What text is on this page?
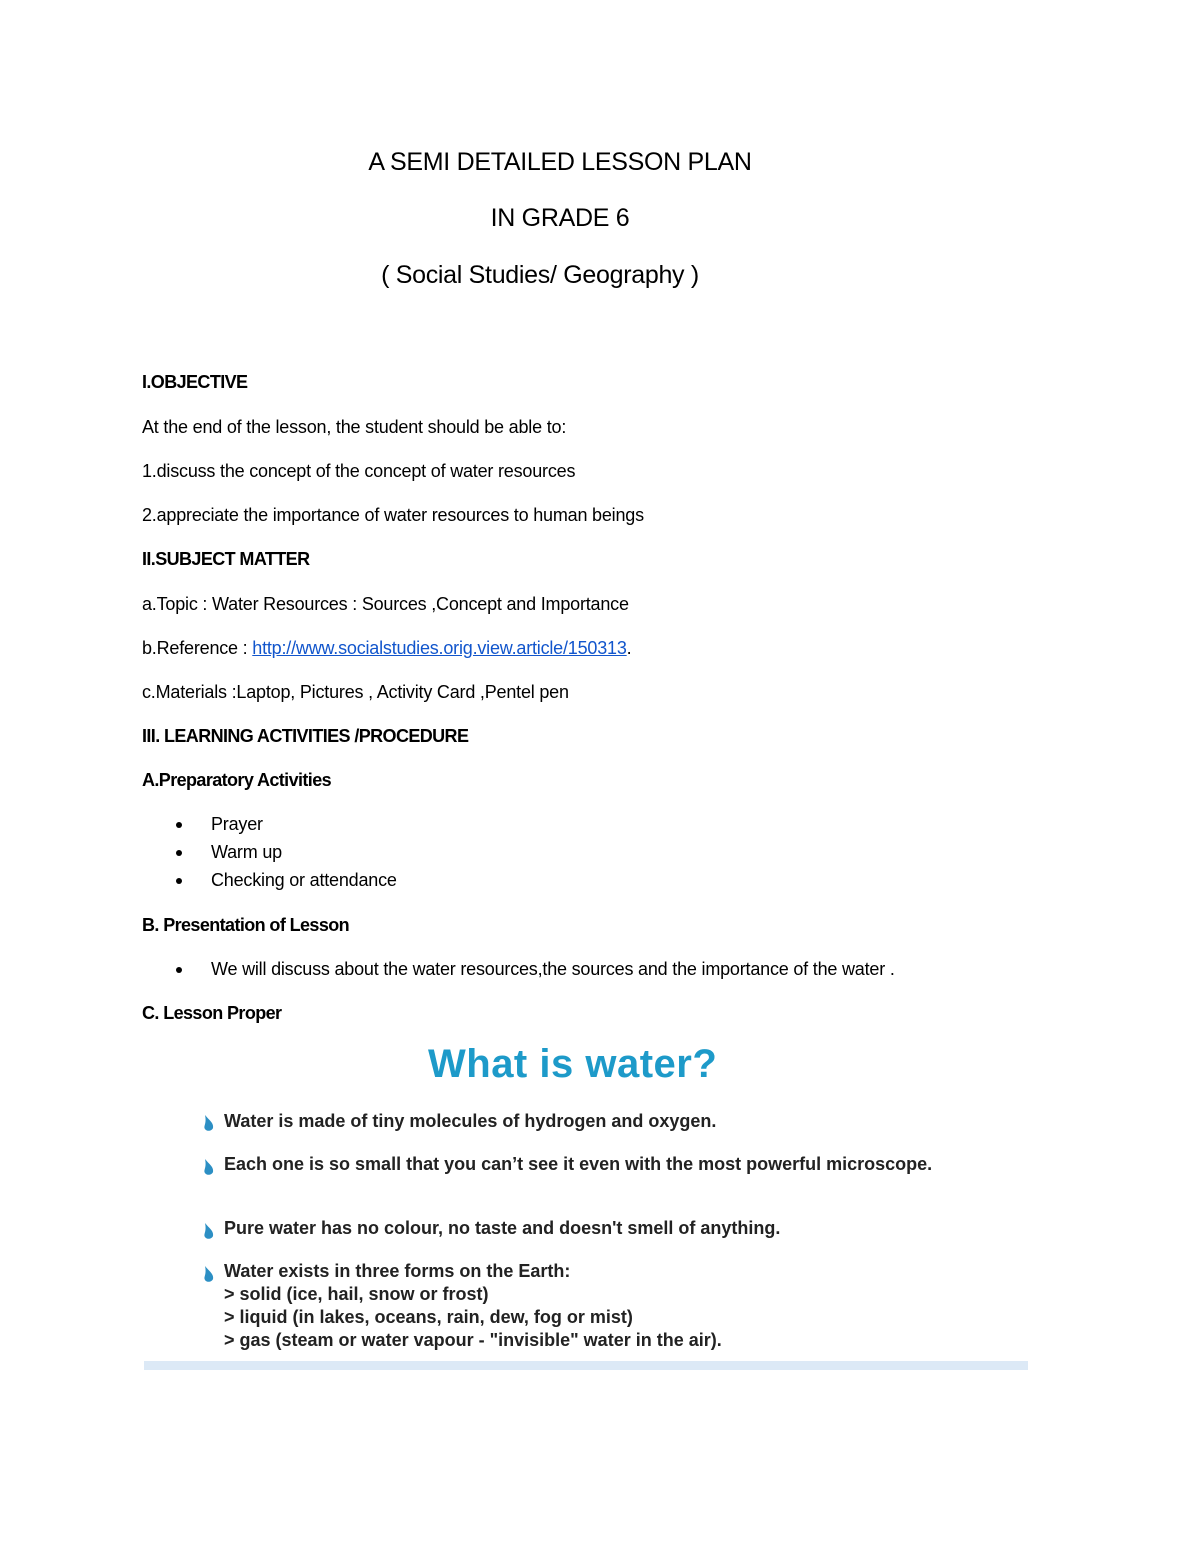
A SEMI DETAILED LESSON PLAN
IN GRADE 6
( Social Studies/ Geography )
I.OBJECTIVE
At the end of the lesson, the student should be able to:
1.discuss the concept of the concept of water resources
2.appreciate the importance of water resources to human beings
II.SUBJECT MATTER
a.Topic : Water Resources : Sources ,Concept and Importance
b.Reference : http://www.socialstudies.orig.view.article/150313.
c.Materials :Laptop, Pictures , Activity Card ,Pentel pen
III. LEARNING ACTIVITIES /PROCEDURE
A.Preparatory Activities
Prayer
Warm up
Checking or attendance
B. Presentation of Lesson
We will discuss about the water resources,the sources and the importance of the water .
C. Lesson Proper
What is water?
Water is made of tiny molecules of hydrogen and oxygen.
Each one is so small that you can’t see it even with the most powerful microscope.
Pure water has no colour, no taste and doesn't smell of anything.
Water exists in three forms on the Earth:
> solid (ice, hail, snow or frost)
> liquid (in lakes, oceans, rain, dew, fog or mist)
> gas (steam or water vapour - "invisible" water in the air).
